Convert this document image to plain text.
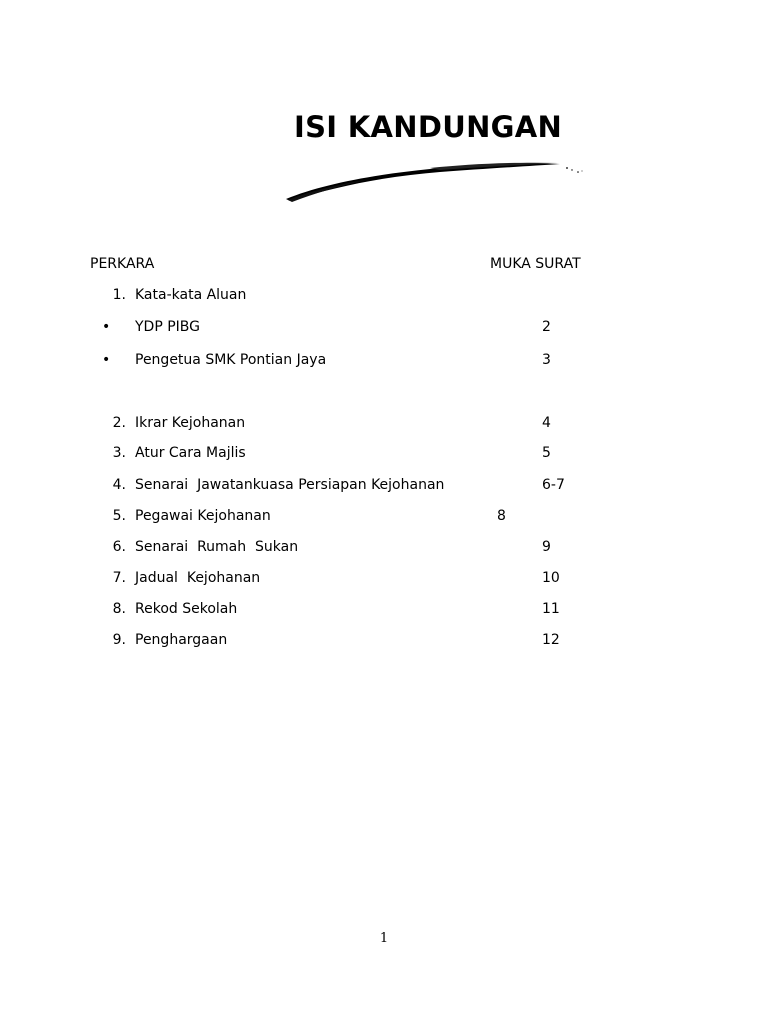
ISI KANDUNGAN
PERKARA	MUKA SURAT
1. Kata-kata Aluan
•	YDP PIBG	2
•	Pengetua SMK Pontian Jaya	3
2. Ikrar Kejohanan	4
3. Atur Cara Majlis	5
4. Senarai  Jawatankuasa Persiapan Kejohanan	6-7
5. Pegawai Kejohanan	8
6. Senarai  Rumah  Sukan	9
7. Jadual  Kejohanan	10
8. Rekod Sekolah	11
9. Penghargaan	12
1
